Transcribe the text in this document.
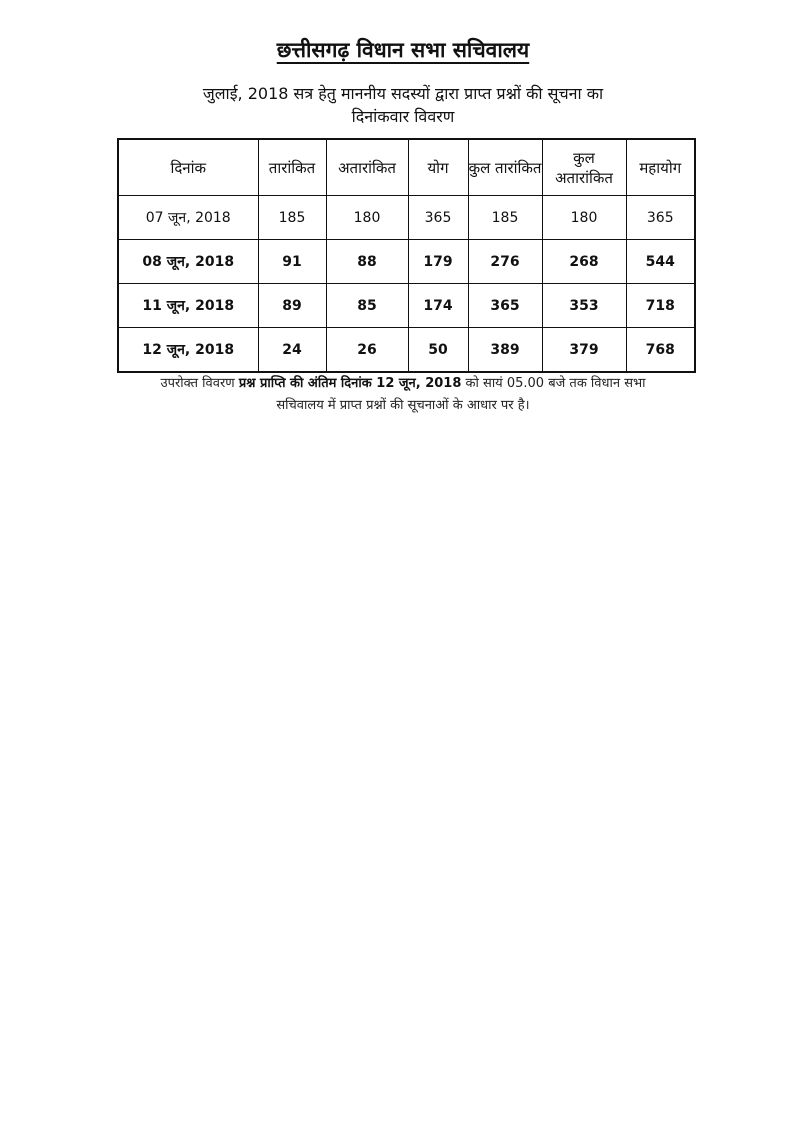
छत्तीसगढ़ विधान सभा सचिवालय
जुलाई, 2018 सत्र हेतु माननीय सदस्यों द्वारा प्राप्त प्रश्नों की सूचना का
दिनांकवार विवरण
दिनांक	तारांकित	अतारांकित	योग	कुल तारांकित	कुल अतारांकित	महायोग
07 जून, 2018	185	180	365	185	180	365
08 जून, 2018	91	88	179	276	268	544
11 जून, 2018	89	85	174	365	353	718
12 जून, 2018	24	26	50	389	379	768
उपरोक्त विवरण प्रश्न प्राप्ति की अंतिम दिनांक 12 जून, 2018 को सायं 05.00 बजे तक विधान सभा
सचिवालय में प्राप्त प्रश्नों की सूचनाओं के आधार पर है।
